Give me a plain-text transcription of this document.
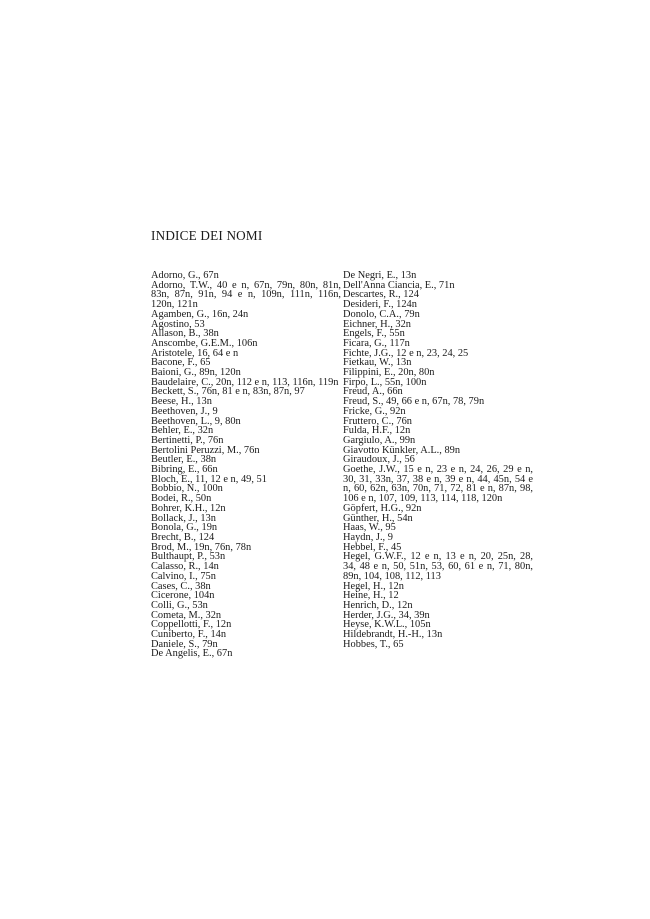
INDICE DEI NOMI
Adorno, G., 67n
Adorno, T.W., 40 e n, 67n, 79n, 80n, 81n, 83n, 87n, 91n, 94 e n, 109n, 111n, 116n, 120n, 121n
Agamben, G., 16n, 24n
Agostino, 53
Allason, B., 38n
Anscombe, G.E.M., 106n
Aristotele, 16, 64 e n
Bacone, F., 65
Baioni, G., 89n, 120n
Baudelaire, C., 20n, 112 e n, 113, 116n, 119n
Beckett, S., 76n, 81 e n, 83n, 87n, 97
Beese, H., 13n
Beethoven, J., 9
Beethoven, L., 9, 80n
Behler, E., 32n
Bertinetti, P., 76n
Bertolini Peruzzi, M., 76n
Beutler, E., 38n
Bibring, E., 66n
Bloch, E., 11, 12 e n, 49, 51
Bobbio, N., 100n
Bodei, R., 50n
Bohrer, K.H., 12n
Bollack, J., 13n
Bonola, G., 19n
Brecht, B., 124
Brod, M., 19n, 76n, 78n
Bulthaupt, P., 53n
Calasso, R., 14n
Calvino, I., 75n
Cases, C., 38n
Cicerone, 104n
Colli, G., 53n
Cometa, M., 32n
Coppellotti, F., 12n
Cuniberto, F., 14n
Daniele, S., 79n
De Angelis, E., 67n
De Negri, E., 13n
Dell'Anna Ciancia, E., 71n
Descartes, R., 124
Desideri, F., 124n
Donolo, C.A., 79n
Eichner, H., 32n
Engels, F., 55n
Ficara, G., 117n
Fichte, J.G., 12 e n, 23, 24, 25
Fietkau, W., 13n
Filippini, E., 20n, 80n
Firpo, L., 55n, 100n
Freud, A., 66n
Freud, S., 49, 66 e n, 67n, 78, 79n
Fricke, G., 92n
Fruttero, C., 76n
Fulda, H.F., 12n
Gargiulo, A., 99n
Giavotto Künkler, A.L., 89n
Giraudoux, J., 56
Goethe, J.W., 15 e n, 23 e n, 24, 26, 29 e n, 30, 31, 33n, 37, 38 e n, 39 e n, 44, 45n, 54 e n, 60, 62n, 63n, 70n, 71, 72, 81 e n, 87n, 98, 106 e n, 107, 109, 113, 114, 118, 120n
Göpfert, H.G., 92n
Günther, H., 54n
Haas, W., 95
Haydn, J., 9
Hebbel, F., 45
Hegel, G.W.F., 12 e n, 13 e n, 20, 25n, 28, 34, 48 e n, 50, 51n, 53, 60, 61 e n, 71, 80n, 89n, 104, 108, 112, 113
Hegel, H., 12n
Heine, H., 12
Henrich, D., 12n
Herder, J.G., 34, 39n
Heyse, K.W.L., 105n
Hildebrandt, H.-H., 13n
Hobbes, T., 65
